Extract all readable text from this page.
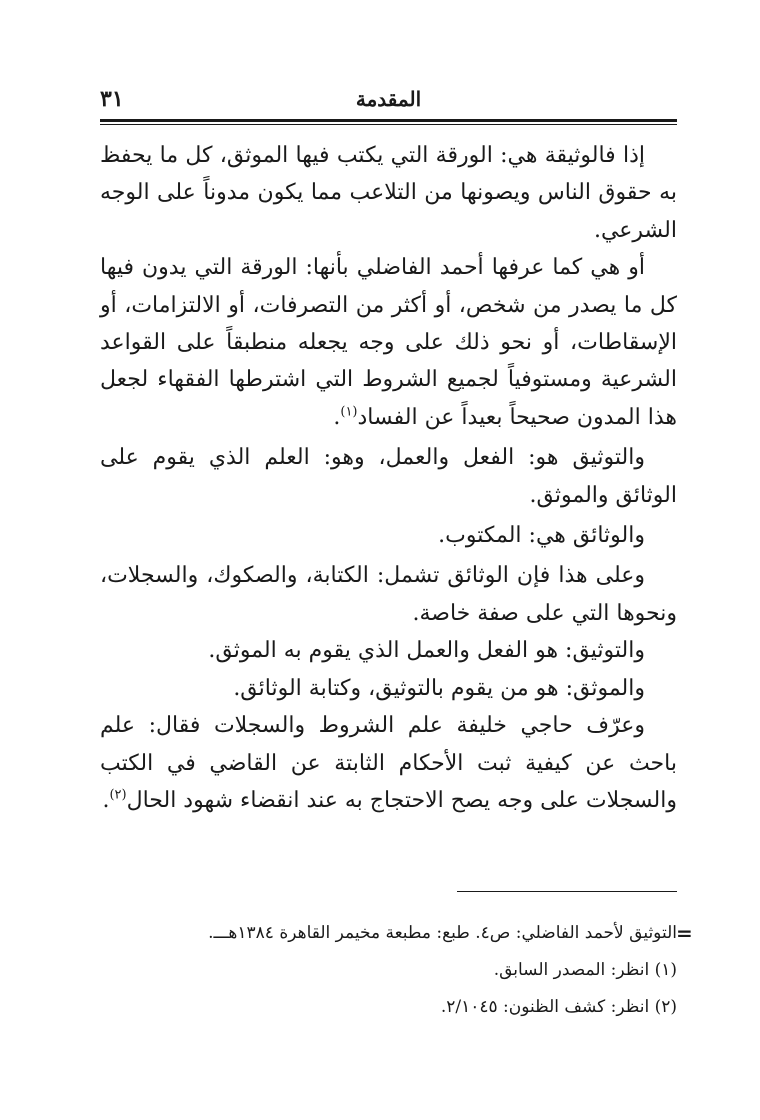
المقدمة
٣١

إذا فالوثيقة هي: الورقة التي يكتب فيها الموثق، كل ما يحفظ به حقوق الناس ويصونها من التلاعب مما يكون مدوناً على الوجه الشرعي.

أو هي كما عرفها أحمد الفاضلي بأنها: الورقة التي يدون فيها كل ما يصدر من شخص، أو أكثر من التصرفات، أو الالتزامات، أو الإسقاطات، أو نحو ذلك على وجه يجعله منطبقاً على القواعد الشرعية ومستوفياً لجميع الشروط التي اشترطها الفقهاء لجعل هذا المدون صحيحاً بعيداً عن الفساد$^{(١)}$.

والتوثيق هو: الفعل والعمل، وهو: العلم الذي يقوم على الوثائق والموثق.

والوثائق هي: المكتوب.

وعلى هذا فإن الوثائق تشمل: الكتابة، والصكوك، والسجلات، ونحوها التي على صفة خاصة.

والتوثيق: هو الفعل والعمل الذي يقوم به الموثق.

والموثق: هو من يقوم بالتوثيق، وكتابة الوثائق.

وعرّف حاجي خليفة علم الشروط والسجلات فقال: علم باحث عن كيفية ثبت الأحكام الثابتة عن القاضي في الكتب والسجلات على وجه يصح الاحتجاج به عند انقضاء شهود الحال$^{(٢)}$.

=

التوثيق لأحمد الفاضلي: ص٤. طبع: مطبعة مخيمر القاهرة ١٣٨٤هـــ.

(١) انظر: المصدر السابق.

(٢) انظر: كشف الظنون: ٢/١٠٤٥.
